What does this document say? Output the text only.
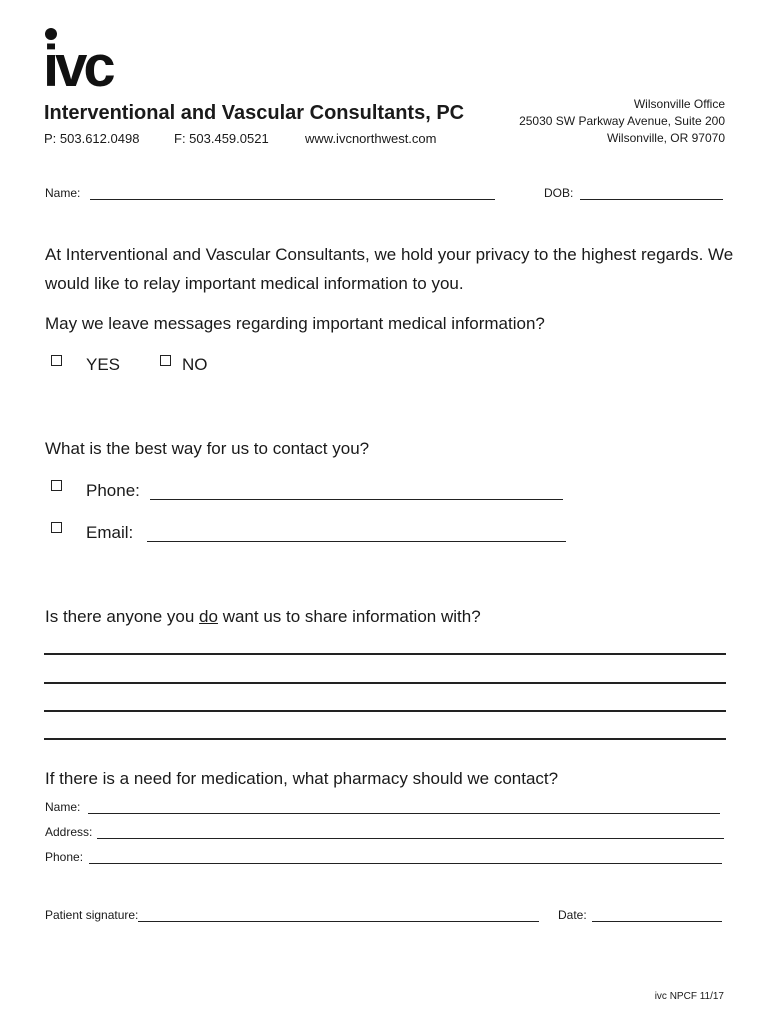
ivc
Interventional and Vascular Consultants, PC
P: 503.612.0498	F: 503.459.0521	www.ivcnorthwest.com
Wilsonville Office
25030 SW Parkway Avenue, Suite 200
Wilsonville, OR 97070
Name:	DOB:
At Interventional and Vascular Consultants, we hold your privacy to the highest regards. We would like to relay important medical information to you.
May we leave messages regarding important medical information?
YES	NO
What is the best way for us to contact you?
Phone:
Email:
Is there anyone you do want us to share information with?
If there is a need for medication, what pharmacy should we contact?
Name:
Address:
Phone:
Patient signature:	Date:
ivc NPCF 11/17
